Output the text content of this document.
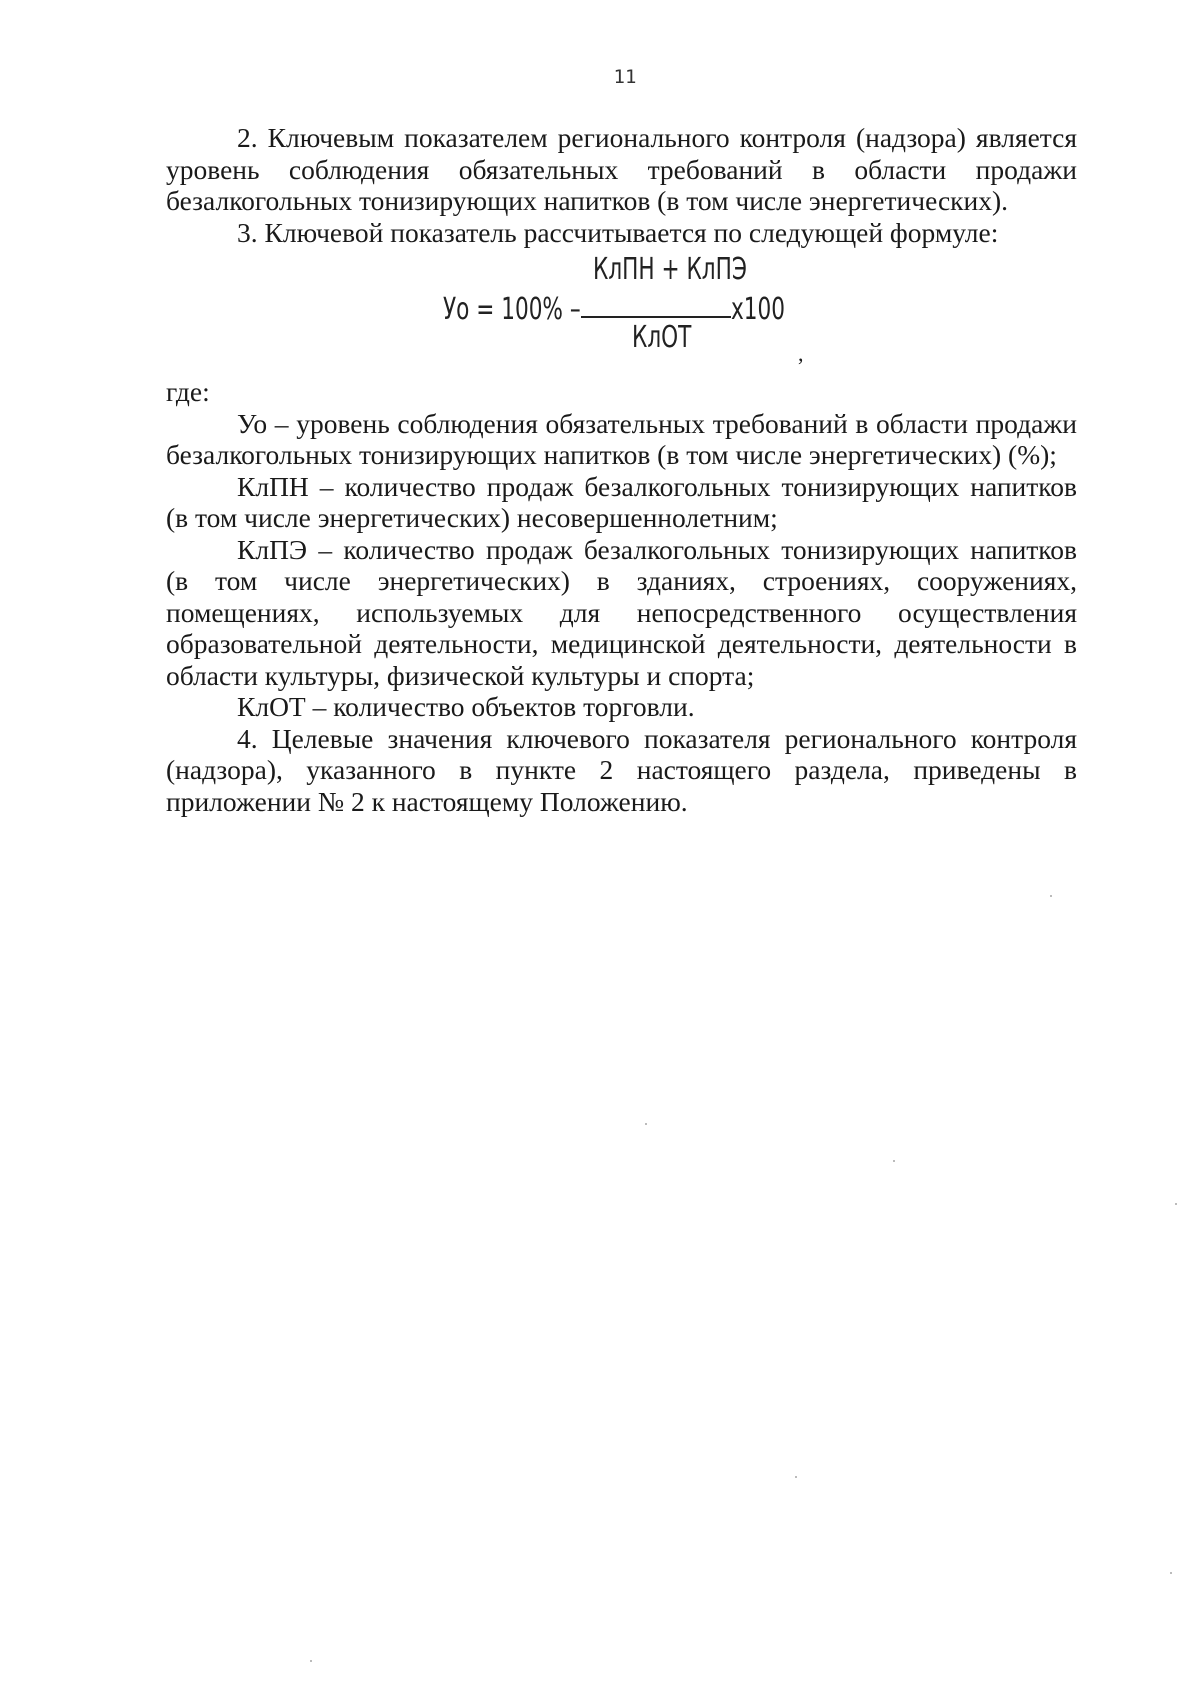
11

2. Ключевым показателем регионального контроля (надзора) является уровень соблюдения обязательных требований в области продажи безалкогольных тонизирующих напитков (в том числе энергетических).

3. Ключевой показатель рассчитывается по следующей формуле:

Уо = 100% –
КлПН + КлПЭ
КлОТ
х100
,

где:

Уо – уровень соблюдения обязательных требований в области продажи безалкогольных тонизирующих напитков (в том числе энергетических) (%);

КлПН – количество продаж безалкогольных тонизирующих напитков (в том числе энергетических) несовершеннолетним;

КлПЭ – количество продаж безалкогольных тонизирующих напитков (в том числе энергетических) в зданиях, строениях, сооружениях, помещениях, используемых для непосредственного осуществления образовательной деятельности, медицинской деятельности, деятельности в области культуры, физической культуры и спорта;

КлОТ – количество объектов торговли.

4. Целевые значения ключевого показателя регионального контроля (надзора), указанного в пункте 2 настоящего раздела, приведены в приложении № 2 к настоящему Положению.
